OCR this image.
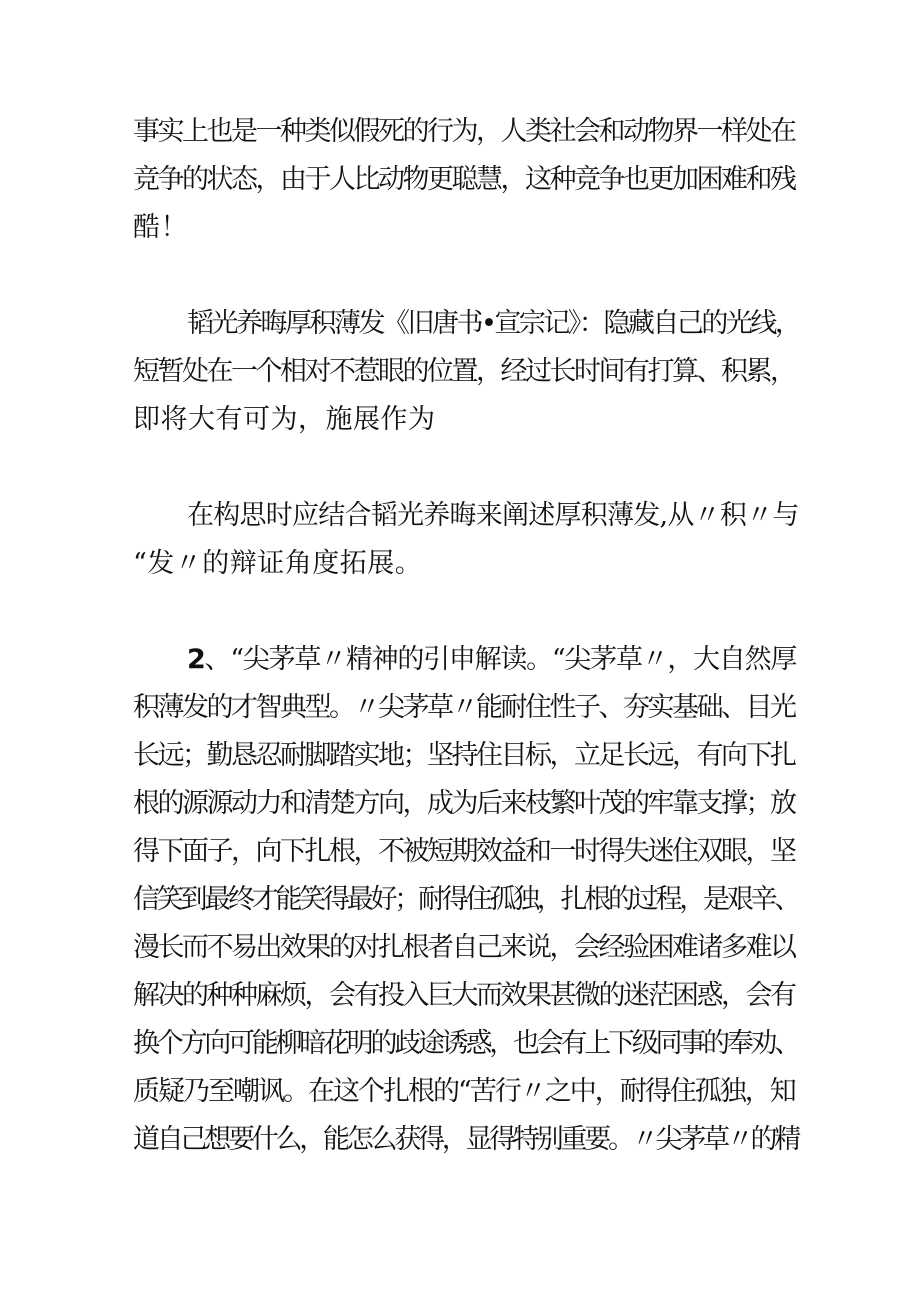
事实上也是一种类似假死的行为，人类社会和动物界一样处在

竞争的状态，由于人比动物更聪慧，这种竞争也更加困难和残

酷！

韬光养晦厚积薄发《旧唐书•宣宗记》：隐藏自己的光线，

短暂处在一个相对不惹眼的位置，经过长时间有打算、积累，

即将大有可为，施展作为

在构思时应结合韬光养晦来阐述厚积薄发,从〃积〃与

“发〃的辩证角度拓展。

2、“尖茅草〃精神的引申解读。“尖茅草〃，大自然厚

积薄发的才智典型。〃尖茅草〃能耐住性子、夯实基础、目光

长远；勤恳忍耐脚踏实地；坚持住目标，立足长远，有向下扎

根的源源动力和清楚方向，成为后来枝繁叶茂的牢靠支撑；放

得下面子，向下扎根，不被短期效益和一时得失迷住双眼，坚

信笑到最终才能笑得最好；耐得住孤独，扎根的过程，是艰辛、

漫长而不易出效果的对扎根者自己来说，会经验困难诸多难以

解决的种种麻烦，会有投入巨大而效果甚微的迷茫困惑，会有

换个方向可能柳暗花明的歧途诱惑，也会有上下级同事的奉劝、

质疑乃至嘲讽。在这个扎根的“苦行〃之中，耐得住孤独，知

道自己想要什么，能怎么获得，显得特别重要。〃尖茅草〃的精
